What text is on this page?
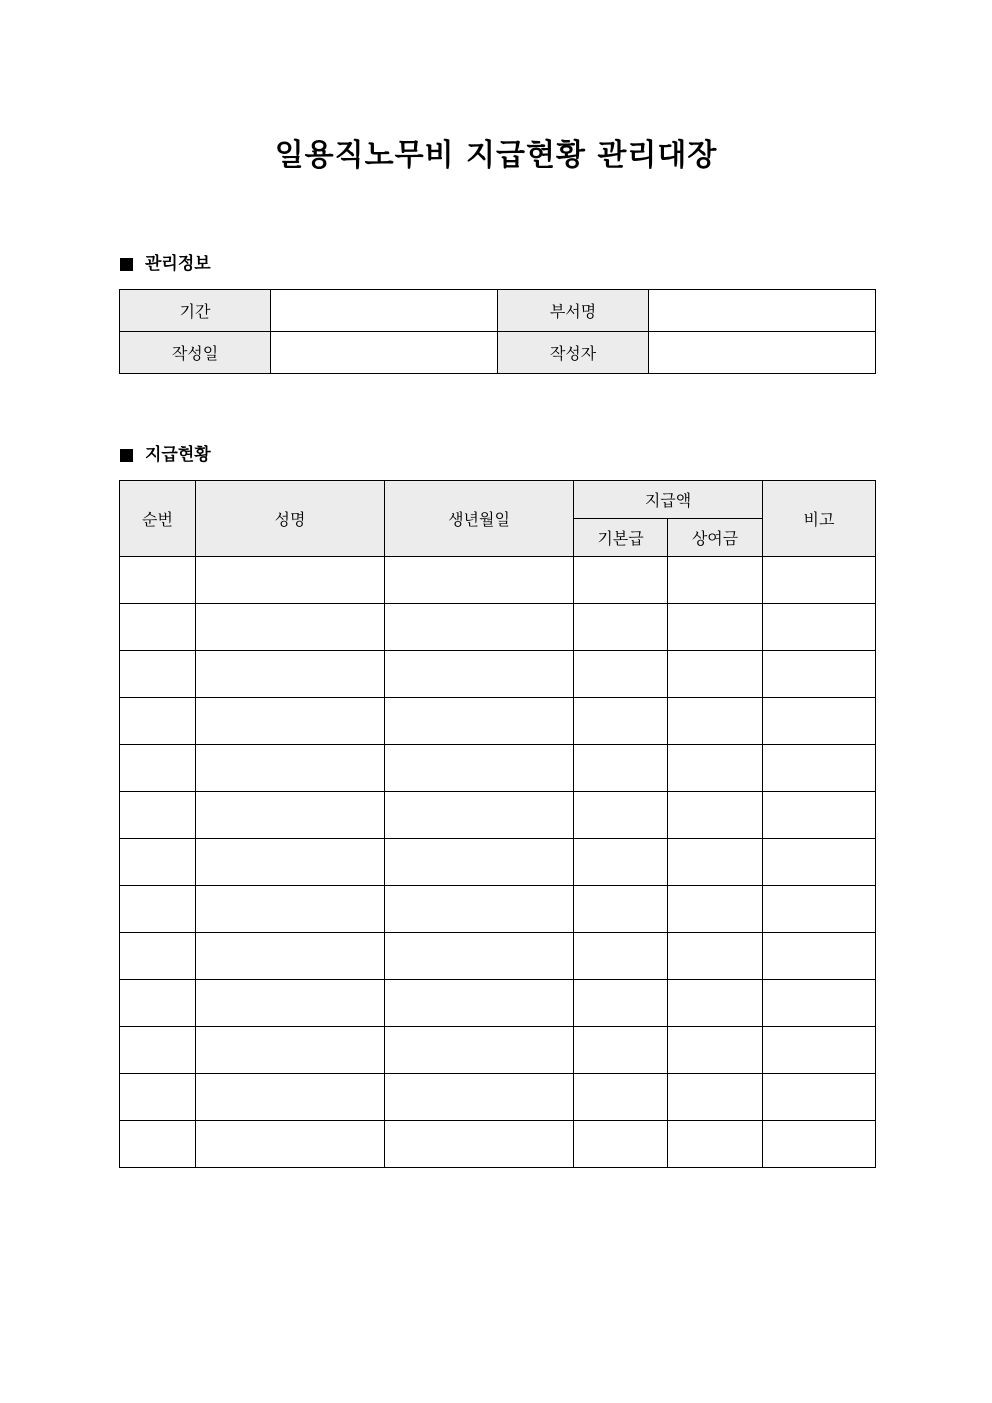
일용직노무비 지급현황 관리대장
관리정보
기간		부서명	
작성일		작성자	
지급현황
순번	성명	생년월일	지급액		비고
			기본급	상여금	
